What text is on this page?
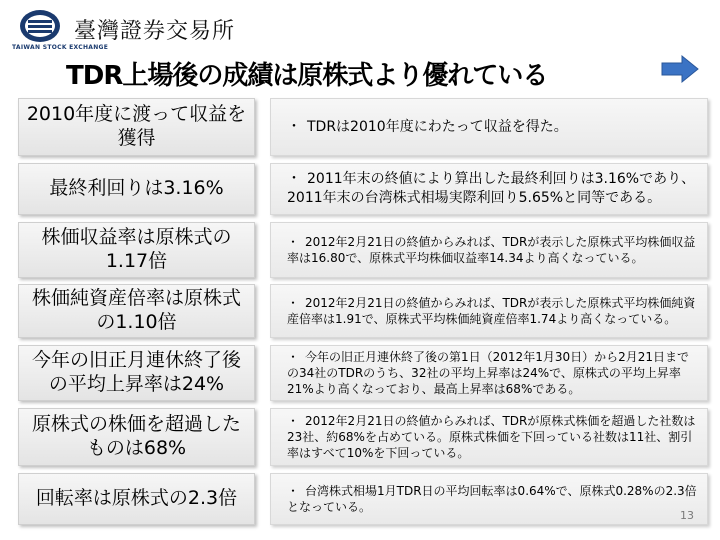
臺灣證券交易所
TAIWAN STOCK EXCHANGE
TDR上場後の成績は原株式より優れている
2010年度に渡って収益を獲得
・ TDRは2010年度にわたって収益を得た。
最終利回りは3.16%	・ 2011年末の終値により算出した最終利回りは3.16%であり、2011年末の台湾株式相場実際利回り5.65%と同等である。
株価収益率は原株式の1.17倍
・ 2012年2月21日の終値からみれば、TDRが表示した原株式平均株価収益率は16.80で、原株式平均株価収益率14.34より高くなっている。
株価純資産倍率は原株式の1.10倍
・ 2012年2月21日の終値からみれば、TDRが表示した原株式平均株価純資産倍率は1.91で、原株式平均株価純資産倍率1.74より高くなっている。
今年の旧正月連休終了後の平均上昇率は24%
・ 今年の旧正月連休終了後の第1日（2012年1月30日）から2月21日までの34社のTDRのうち、32社の平均上昇率は24%で、原株式の平均上昇率21%より高くなっており、最高上昇率は68%である。
原株式の株価を超過したものは68%
・ 2012年2月21日の終値からみれば、TDRが原株式株価を超過した社数は23社、約68%を占めている。原株式株価を下回っている社数は11社、割引率はすべて10%を下回っている。
回転率は原株式の2.3倍	・ 台湾株式相場1月TDR日の平均回転率は0.64%で、原株式0.28%の2.3倍となっている。
13
